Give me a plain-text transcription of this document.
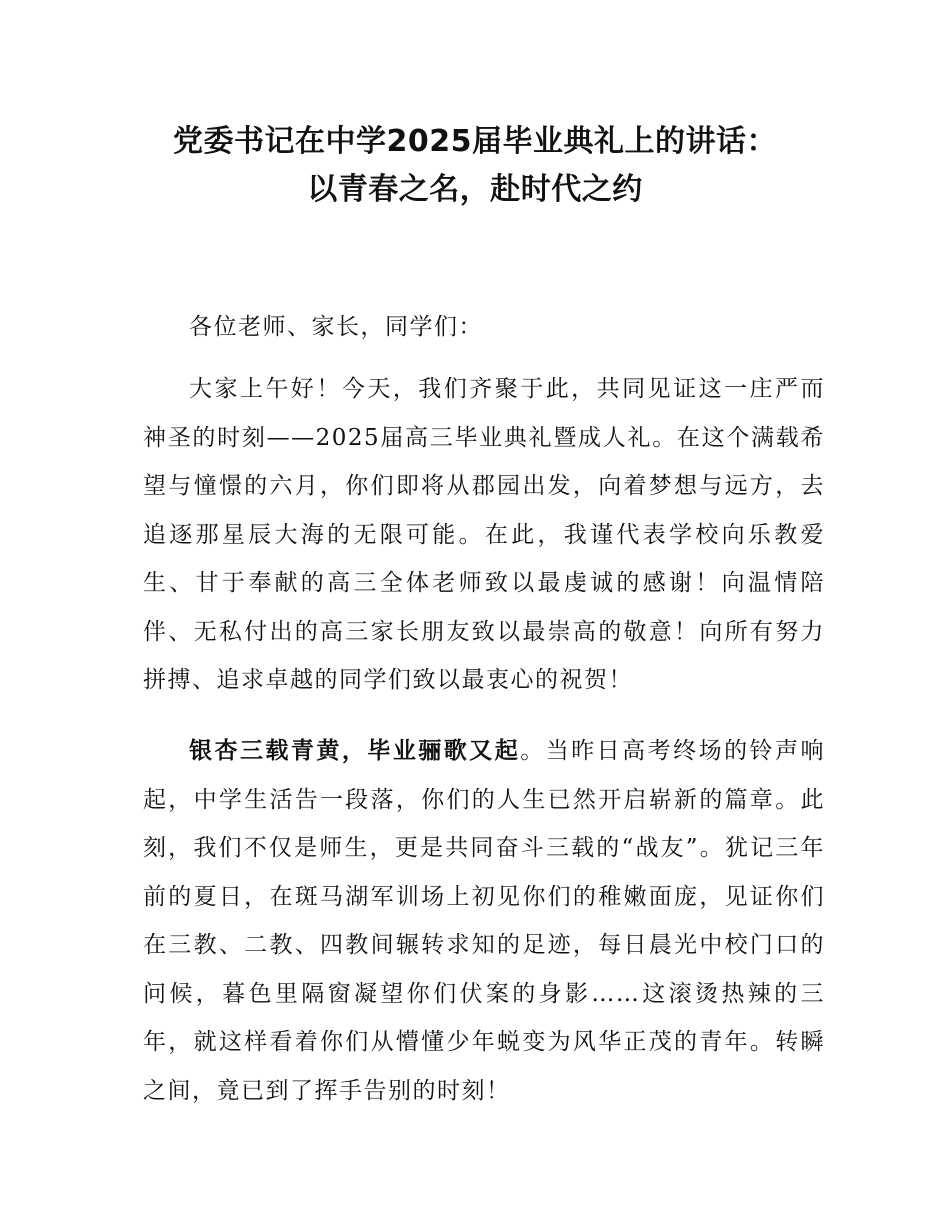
党委书记在中学2025届毕业典礼上的讲话：
以青春之名，赴时代之约
各位老师、家长，同学们：
大家上午好！今天，我们齐聚于此，共同见证这一庄严而神圣的时刻——2025届高三毕业典礼暨成人礼。在这个满载希望与憧憬的六月，你们即将从郡园出发，向着梦想与远方，去追逐那星辰大海的无限可能。在此，我谨代表学校向乐教爱生、甘于奉献的高三全体老师致以最虔诚的感谢！向温情陪伴、无私付出的高三家长朋友致以最崇高的敬意！向所有努力拼搏、追求卓越的同学们致以最衷心的祝贺！
银杏三载青黄，毕业骊歌又起。当昨日高考终场的铃声响起，中学生活告一段落，你们的人生已然开启崭新的篇章。此刻，我们不仅是师生，更是共同奋斗三载的“战友”。犹记三年前的夏日，在斑马湖军训场上初见你们的稚嫩面庞，见证你们在三教、二教、四教间辗转求知的足迹，每日晨光中校门口的问候，暮色里隔窗凝望你们伏案的身影……这滚烫热辣的三年，就这样看着你们从懵懂少年蜕变为风华正茂的青年。转瞬之间，竟已到了挥手告别的时刻！
